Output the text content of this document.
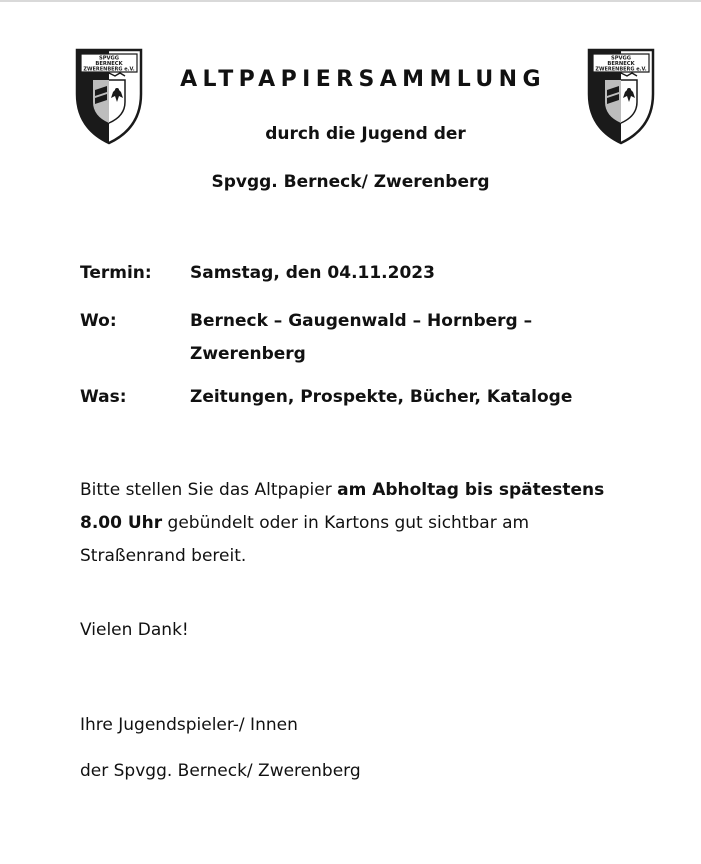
SPVGG
BERNECK
ZWERENBERG e.V.
SPVGG
BERNECK
ZWERENBERG e.V.
ALTPAPIERSAMMLUNG
durch die Jugend der
Spvgg. Berneck/ Zwerenberg
Termin: Samstag, den 04.11.2023
Wo:	Berneck – Gaugenwald – Hornberg – Zwerenberg
Was:	Zeitungen, Prospekte, Bücher, Kataloge
Bitte stellen Sie das Altpapier am Abholtag bis spätestens 8.00 Uhr gebündelt oder in Kartons gut sichtbar am Straßenrand bereit.
Vielen Dank!
Ihre Jugendspieler-/ Innen
der Spvgg. Berneck/ Zwerenberg
